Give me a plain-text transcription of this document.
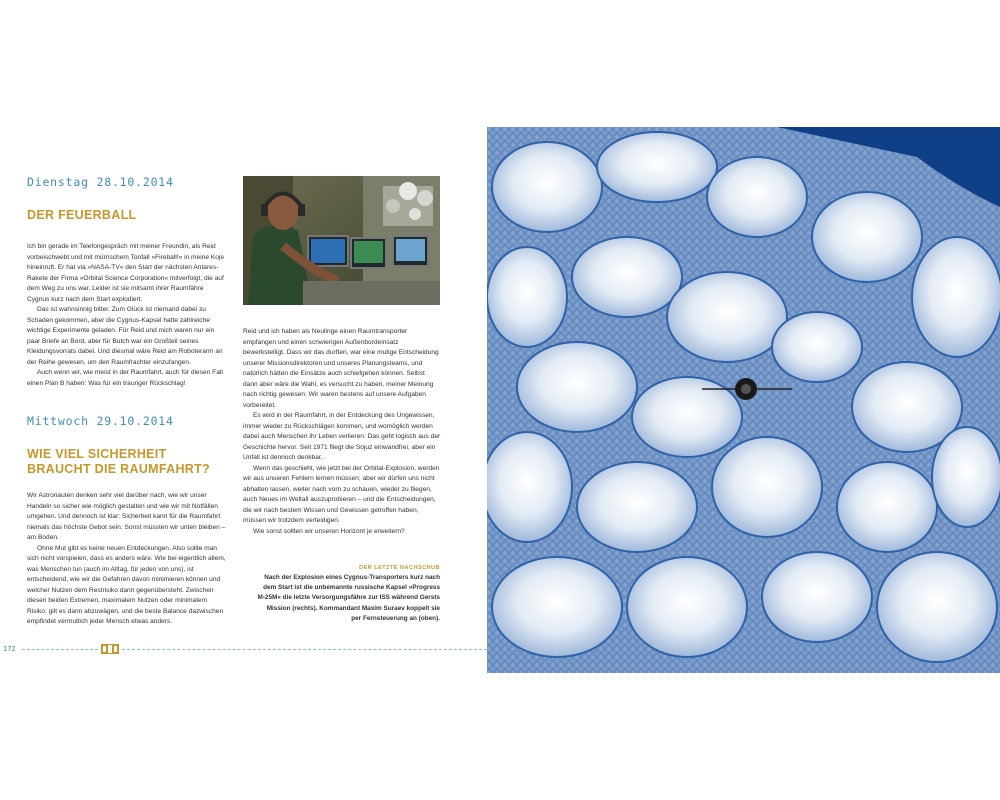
Dienstag 28.10.2014
DER FEUERBALL

Ich bin gerade im Telefongespräch mit meiner Freundin, als Reid vorbeischwebt und mit mürrischem Tonfall »Fireball!« in meine Koje hineinruft. Er hat via »NASA-TV« den Start der nächsten Antares-Rakete der Firma »Orbital Science Corporation« mitverfolgt, die auf dem Weg zu uns war. Leider ist sie mitsamt ihrer Raumfähre Cygnus kurz nach dem Start explodiert.

Das ist wahnsinnig bitter. Zum Glück ist niemand dabei zu Schaden gekommen, aber die Cygnus-Kapsel hatte zahlreiche wichtige Experimente geladen. Für Reid und mich waren nur ein paar Briefe an Bord, aber für Butch war ein Großteil seines Kleidungsvorrats dabei. Und diesmal wäre Reid am Roboterarm an der Reihe gewesen, um den Raumfrachter einzufangen.

Auch wenn wir, wie meist in der Raumfahrt, auch für diesen Fall einen Plan B haben: Was für ein trauriger Rückschlag!

Mittwoch 29.10.2014
WIE VIEL SICHERHEIT BRAUCHT DIE RAUMFAHRT?

Wir Astronauten denken sehr viel darüber nach, wie wir unser Handeln so sicher wie möglich gestalten und wie wir mit Notfällen umgehen. Und dennoch ist klar: Sicherheit kann für die Raumfahrt niemals das höchste Gebot sein. Sonst müssten wir unten bleiben – am Boden.

Ohne Mut gibt es keine neuen Entdeckungen. Also sollte man sich nicht vorspielen, dass es anders wäre. Wie bei eigentlich allem, was Menschen tun (auch im Alltag, für jeden von uns), ist entscheidend, wie wir die Gefahren davon minimieren können und welcher Nutzen dem Restrisiko dann gegenübersteht. Zwischen diesen beiden Extremen, maximalem Nutzen oder minimalem Risiko, gilt es dann abzuwägen, und die beste Balance dazwischen empfindet vermutlich jeder Mensch etwas anders.

Reid und ich haben als Neulinge einen Raumtransporter empfangen und einen schwierigen Außenbordeinsatz bewerkstelligt. Dass wir das durften, war eine mutige Entscheidung unserer Missionsdirektoren und unseres Planungsteams, und natürlich hätten die Einsätze auch schiefgehen können. Selbst dann aber wäre die Wahl, es versucht zu haben, meiner Meinung nach richtig gewesen: Wir waren bestens auf unsere Aufgaben vorbereitet.

Es wird in der Raumfahrt, in der Entdeckung des Ungewissen, immer wieder zu Rückschlägen kommen, und womöglich werden dabei auch Menschen ihr Leben verlieren: Das geht logisch aus der Geschichte hervor. Seit 1971 fliegt die Sojuz einwandfrei, aber ein Unfall ist dennoch denkbar.

Wenn das geschieht, wie jetzt bei der Orbital-Explosion, werden wir aus unseren Fehlern lernen müssen; aber wir dürfen uns nicht abhalten lassen, weiter nach vorn zu schauen, wieder zu fliegen, auch Neues im Weltall auszuprobieren – und die Entscheidungen, die wir nach bestem Wissen und Gewissen getroffen haben, müssen wir trotzdem verteidigen.

Wie sonst sollten wir unseren Horizont je erweitern?

DER LETZTE NACHSCHUB
Nach der Explosion eines Cygnus-Transporters kurz nach dem Start ist die unbemannte russische Kapsel »Progress M-25M« die letzte Versorgungsfähre zur ISS während Gersts Mission (rechts). Kommandant Maxim Suraev koppelt sie per Fernsteuerung an (oben).
172
